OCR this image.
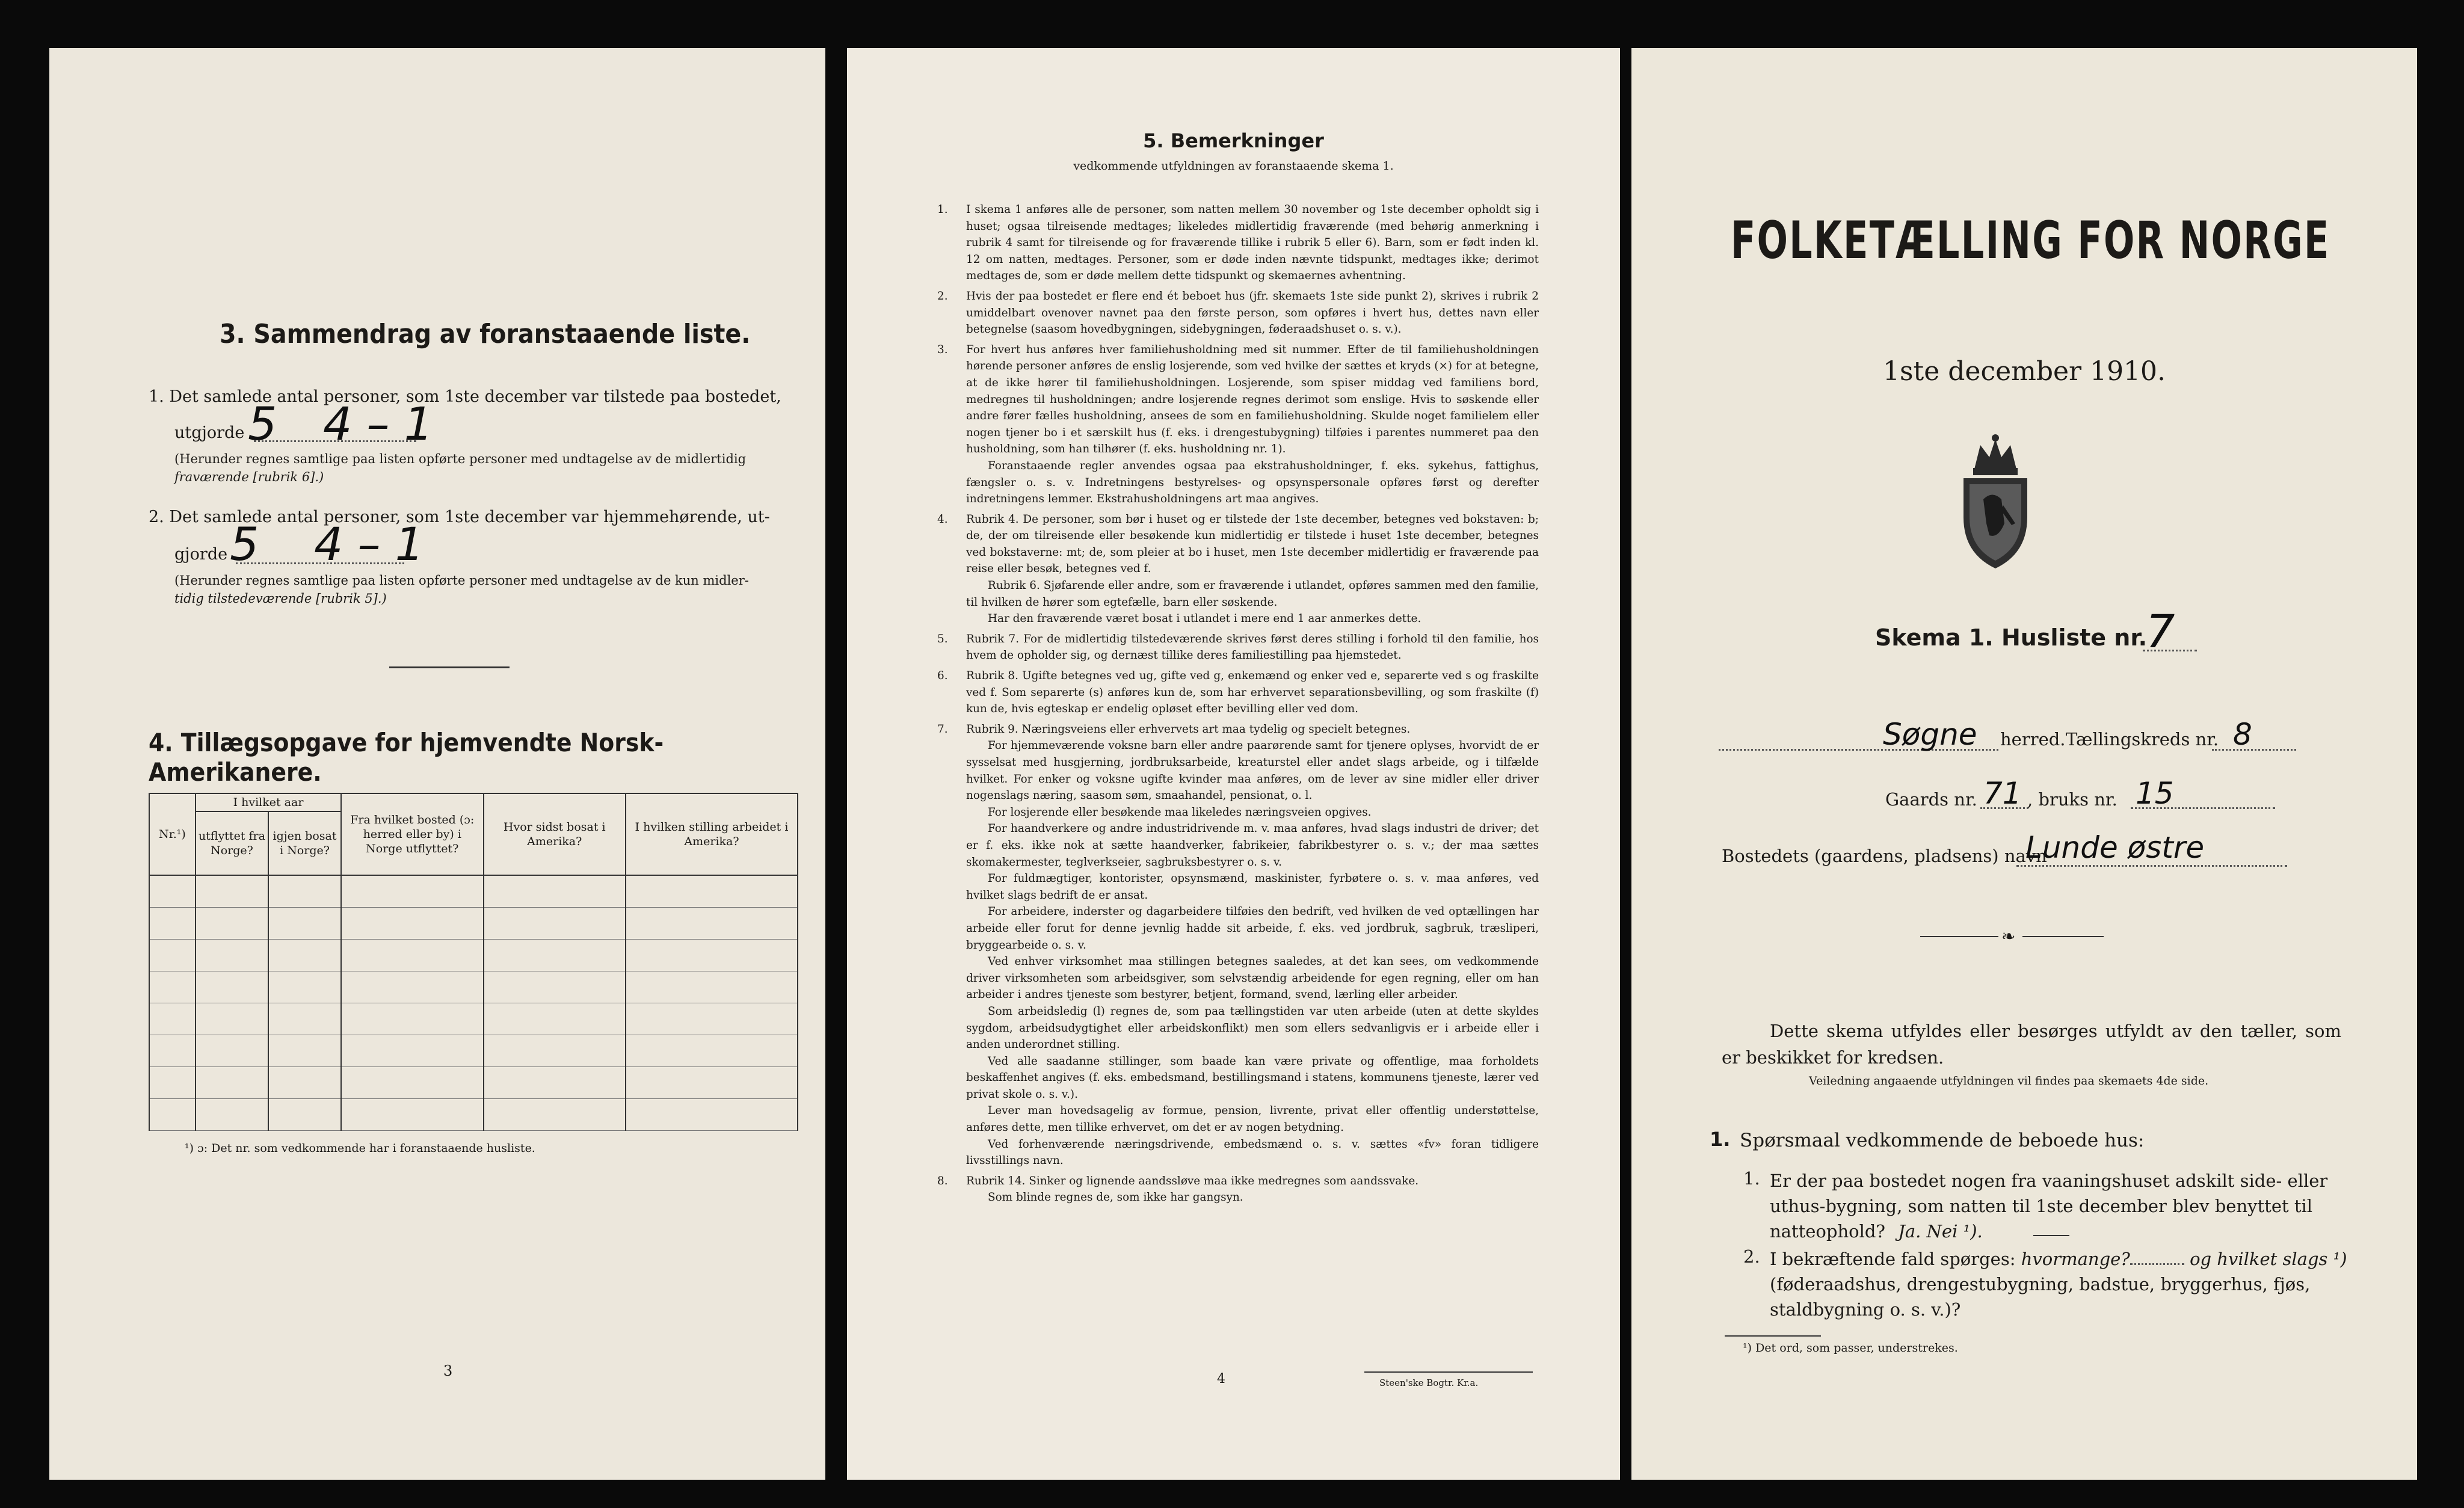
3. Sammendrag av foranstaaende liste.
1. Det samlede antal personer, som 1ste december var tilstede paa bostedet,
utgjorde 5 4 – 1
(Herunder regnes samtlige paa listen opførte personer med undtagelse av de midlertidig
fraværende [rubrik 6].)
2. Det samlede antal personer, som 1ste december var hjemmehørende, ut-
gjorde 5 4 – 1
(Herunder regnes samtlige paa listen opførte personer med undtagelse av de kun midler-
tidig tilstedeværende [rubrik 5].)
4. Tillægsopgave for hjemvendte Norsk-Amerikanere.
Nr.¹)	I hvilket aar		Fra hvilket bosted (ɔ: herred eller by) i Norge utflyttet?	Hvor sidst bosat i Amerika?	I hvilken stilling arbeidet i Amerika?
	utflyttet fra Norge?	igjen bosat i Norge?			

¹) ɔ: Det nr. som vedkommende har i foranstaaende husliste.
3
5. Bemerkninger
vedkommende utfyldningen av foranstaaende skema 1.
1. I skema 1 anføres alle de personer, som natten mellem 30 november og 1ste december opholdt sig i huset; ogsaa tilreisende medtages; likeledes midlertidig fraværende (med behørig anmerkning i rubrik 4 samt for tilreisende og for fraværende tillike i rubrik 5 eller 6). Barn, som er født inden kl. 12 om natten, medtages. Personer, som er døde inden nævnte tidspunkt, medtages ikke; derimot medtages de, som er døde mellem dette tidspunkt og skemaernes avhentning.

2. Hvis der paa bostedet er flere end ét beboet hus (jfr. skemaets 1ste side punkt 2), skrives i rubrik 2 umiddelbart ovenover navnet paa den første person, som opføres i hvert hus, dettes navn eller betegnelse (saasom hovedbygningen, sidebygningen, føderaadshuset o. s. v.).

3. For hvert hus anføres hver familiehusholdning med sit nummer. Efter de til familiehusholdningen hørende personer anføres de enslig losjerende, som ved hvilke der sættes et kryds (×) for at betegne, at de ikke hører til familiehusholdningen. Losjerende, som spiser middag ved familiens bord, medregnes til husholdningen; andre losjerende regnes derimot som enslige. Hvis to søskende eller andre fører fælles husholdning, ansees de som en familiehusholdning. Skulde noget familielem eller nogen tjener bo i et særskilt hus (f. eks. i drengestubygning) tilføies i parentes nummeret paa den husholdning, som han tilhører (f. eks. husholdning nr. 1).

Foranstaaende regler anvendes ogsaa paa ekstrahusholdninger, f. eks. sykehus, fattighus, fængsler o. s. v. Indretningens bestyrelses- og opsynspersonale opføres først og derefter indretningens lemmer. Ekstrahusholdningens art maa angives.

4. Rubrik 4. De personer, som bør i huset og er tilstede der 1ste december, betegnes ved bokstaven: b; de, der om tilreisende eller besøkende kun midlertidig er tilstede i huset 1ste december, betegnes ved bokstaverne: mt; de, som pleier at bo i huset, men 1ste december midlertidig er fraværende paa reise eller besøk, betegnes ved f.

Rubrik 6. Sjøfarende eller andre, som er fraværende i utlandet, opføres sammen med den familie, til hvilken de hører som egtefælle, barn eller søskende.

Har den fraværende været bosat i utlandet i mere end 1 aar anmerkes dette.

5. Rubrik 7. For de midlertidig tilstedeværende skrives først deres stilling i forhold til den familie, hos hvem de opholder sig, og dernæst tillike deres familiestilling paa hjemstedet.

6. Rubrik 8. Ugifte betegnes ved ug, gifte ved g, enkemænd og enker ved e, separerte ved s og fraskilte ved f. Som separerte (s) anføres kun de, som har erhvervet separationsbevilling, og som fraskilte (f) kun de, hvis egteskap er endelig opløset efter bevilling eller ved dom.

7. Rubrik 9. Næringsveiens eller erhvervets art maa tydelig og specielt betegnes.

For hjemmeværende voksne barn eller andre paarørende samt for tjenere oplyses, hvorvidt de er sysselsat med husgjerning, jordbruksarbeide, kreaturstel eller andet slags arbeide, og i tilfælde hvilket. For enker og voksne ugifte kvinder maa anføres, om de lever av sine midler eller driver nogenslags næring, saasom søm, smaahandel, pensionat, o. l.

For losjerende eller besøkende maa likeledes næringsveien opgives.

For haandverkere og andre industridrivende m. v. maa anføres, hvad slags industri de driver; det er f. eks. ikke nok at sætte haandverker, fabrikeier, fabrikbestyrer o. s. v.; der maa sættes skomakermester, teglverkseier, sagbruksbestyrer o. s. v.

For fuldmægtiger, kontorister, opsynsmænd, maskinister, fyrbøtere o. s. v. maa anføres, ved hvilket slags bedrift de er ansat.

For arbeidere, inderster og dagarbeidere tilføies den bedrift, ved hvilken de ved optællingen har arbeide eller forut for denne jevnlig hadde sit arbeide, f. eks. ved jordbruk, sagbruk, træsliperi, bryggearbeide o. s. v.

Ved enhver virksomhet maa stillingen betegnes saaledes, at det kan sees, om vedkommende driver virksomheten som arbeidsgiver, som selvstændig arbeidende for egen regning, eller om han arbeider i andres tjeneste som bestyrer, betjent, formand, svend, lærling eller arbeider.

Som arbeidsledig (l) regnes de, som paa tællingstiden var uten arbeide (uten at dette skyldes sygdom, arbeidsudygtighet eller arbeidskonflikt) men som ellers sedvanligvis er i arbeide eller i anden underordnet stilling.

Ved alle saadanne stillinger, som baade kan være private og offentlige, maa forholdets beskaffenhet angives (f. eks. embedsmand, bestillingsmand i statens, kommunens tjeneste, lærer ved privat skole o. s. v.).

Lever man hovedsagelig av formue, pension, livrente, privat eller offentlig understøttelse, anføres dette, men tillike erhvervet, om det er av nogen betydning.

Ved forhenværende næringsdrivende, embedsmænd o. s. v. sættes «fv» foran tidligere livsstillings navn.

8. Rubrik 14. Sinker og lignende aandssløve maa ikke medregnes som aandssvake.

Som blinde regnes de, som ikke har gangsyn.

4	Steen'ske Bogtr. Kr.a.
FOLKETÆLLING FOR NORGE
1ste december 1910.
Skema 1. Husliste nr.
7
Søgne herred. Tællingskreds nr. 8
Gaards nr. 71 , bruks nr. 15
Bostedets (gaardens, pladsens) navn
Lunde østre
❧
Dette skema utfyldes eller besørges utfyldt av den tæller, som er beskikket for kredsen.
Veiledning angaaende utfyldningen vil findes paa skemaets 4de side.
1. Spørsmaal vedkommende de beboede hus:
1. Er der paa bostedet nogen fra vaaningshuset adskilt side- eller uthus-bygning, som natten til 1ste december blev benyttet til natteophold? Ja. Nei ¹).
2. I bekræftende fald spørges: hvormange?	og hvilket slags ¹)
(føderaadshus, drengestubygning, badstue, bryggerhus, fjøs, staldbygning o. s. v.)?
¹) Det ord, som passer, understrekes.
